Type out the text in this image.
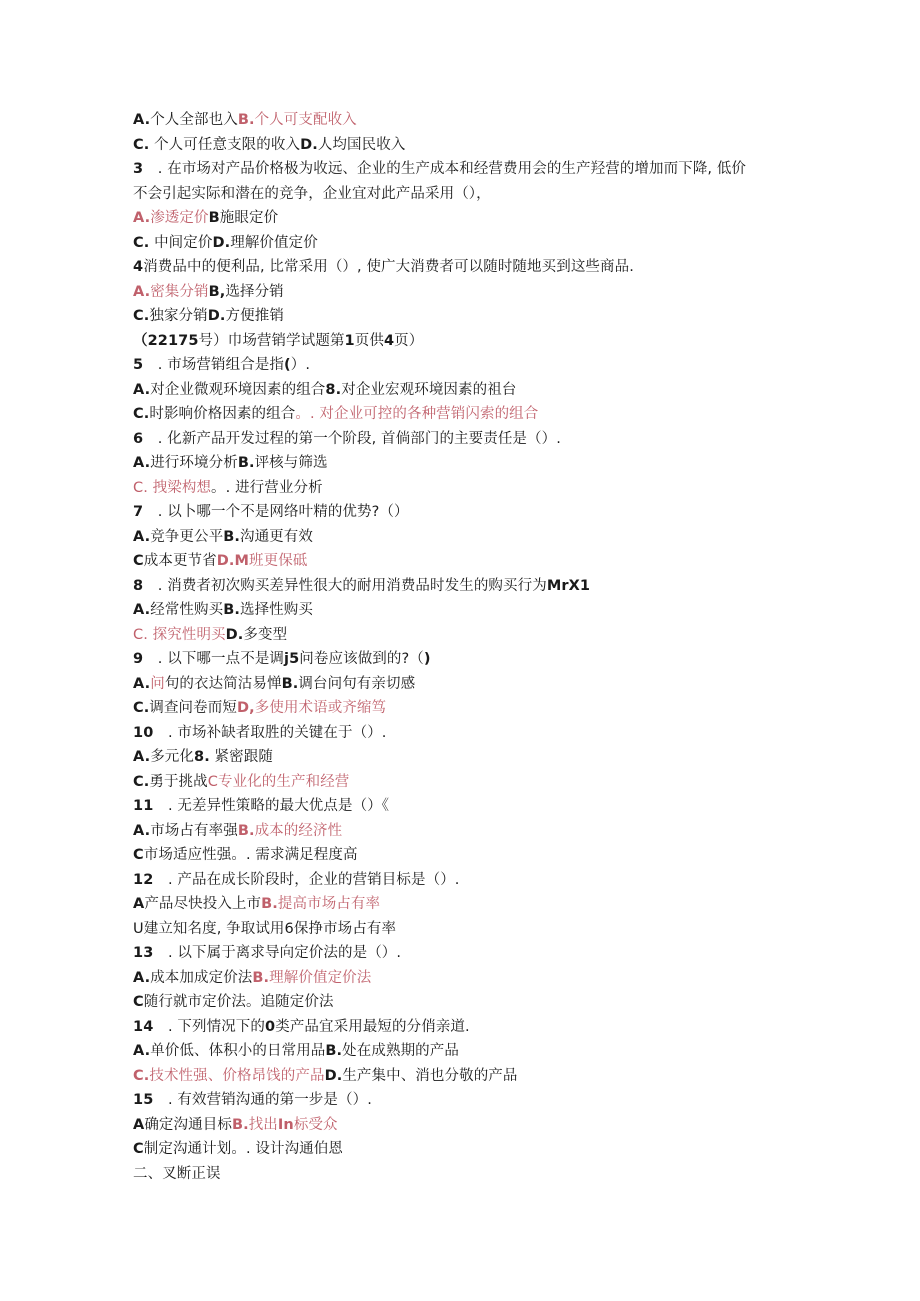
A.个人全部也入B.个人可支配收入
C. 个人可任意支限的收入D.人均国民收入
3　. 在市场对产品价格极为收远、企业的生产成本和经营费用会的生产羟营的增加而下降, 低价
不会引起实际和潜在的竞争，企业宜对此产品采用（），
A.渗透定价B施眼定价
C. 中间定价D.理解价值定价
4消费品中的便利品, 比常采用（）, 使广大消费者可以随时随地买到这些商品.
A.密集分销B,选择分销
C.独家分销D.方便推销
（22175号）巾场营销学试题第1页供4页）
5　. 市场营销组合是指(）.
A.对企业微观环境因素的组合8.对企业宏观环境因素的祖台
C.时影响价格因素的组合。. 对企业可控的各种营销闪索的组合
6　. 化新产品开发过程的第一个阶段, 首倘部门的主要责任是（）.
A.进行环境分析B.评核与筛选
C. 拽梁构想。. 进行营业分析
7　. 以卜哪一个不是网络叶精的优势?（）
A.竞争更公平B.沟通更有效
C成本更节省D.M班更保砥
8　. 消费者初次购买差异性很大的耐用消费品时发生的购买行为MrX1
A.经常性购买B.选择性购买
C. 探究性明买D.多变型
9　. 以下哪一点不是调j5问卷应该做到的?（)
A.问句的衣达简沽易惮B.调台问句有亲切感
C.调查问卷而短D,多使用术语或齐缩笃
10　. 市场补缺者取胜的关键在于（）.
A.多元化8. 紧密跟随
C.勇于挑战C专业化的生产和经营
11　. 无差异性策略的最大优点是（）《
A.市场占有率强B.成本的经济性
C市场适应性强。. 需求满足程度高
12　. 产品在成长阶段时，企业的营销目标是（）.
A产品尽快投入上市B.提高市场占有率
U建立知名度, 争取试用6保挣市场占有率
13　. 以下属于离求导向定价法的是（）.
A.成本加成定价法B.理解价值定价法
C随行就市定价法。追随定价法
14　. 下列情况下的0类产品宜采用最短的分俏亲道.
A.单价低、体积小的日常用品B.处在成熟期的产品
C.技术性强、价格昂饯的产品D.生产集中、消也分敬的产品
15　. 有效营销沟通的第一步是（）.
A确定沟通目标B.找出In标受众
C制定沟通计划。. 设计沟通伯恩
二、叉断正误
